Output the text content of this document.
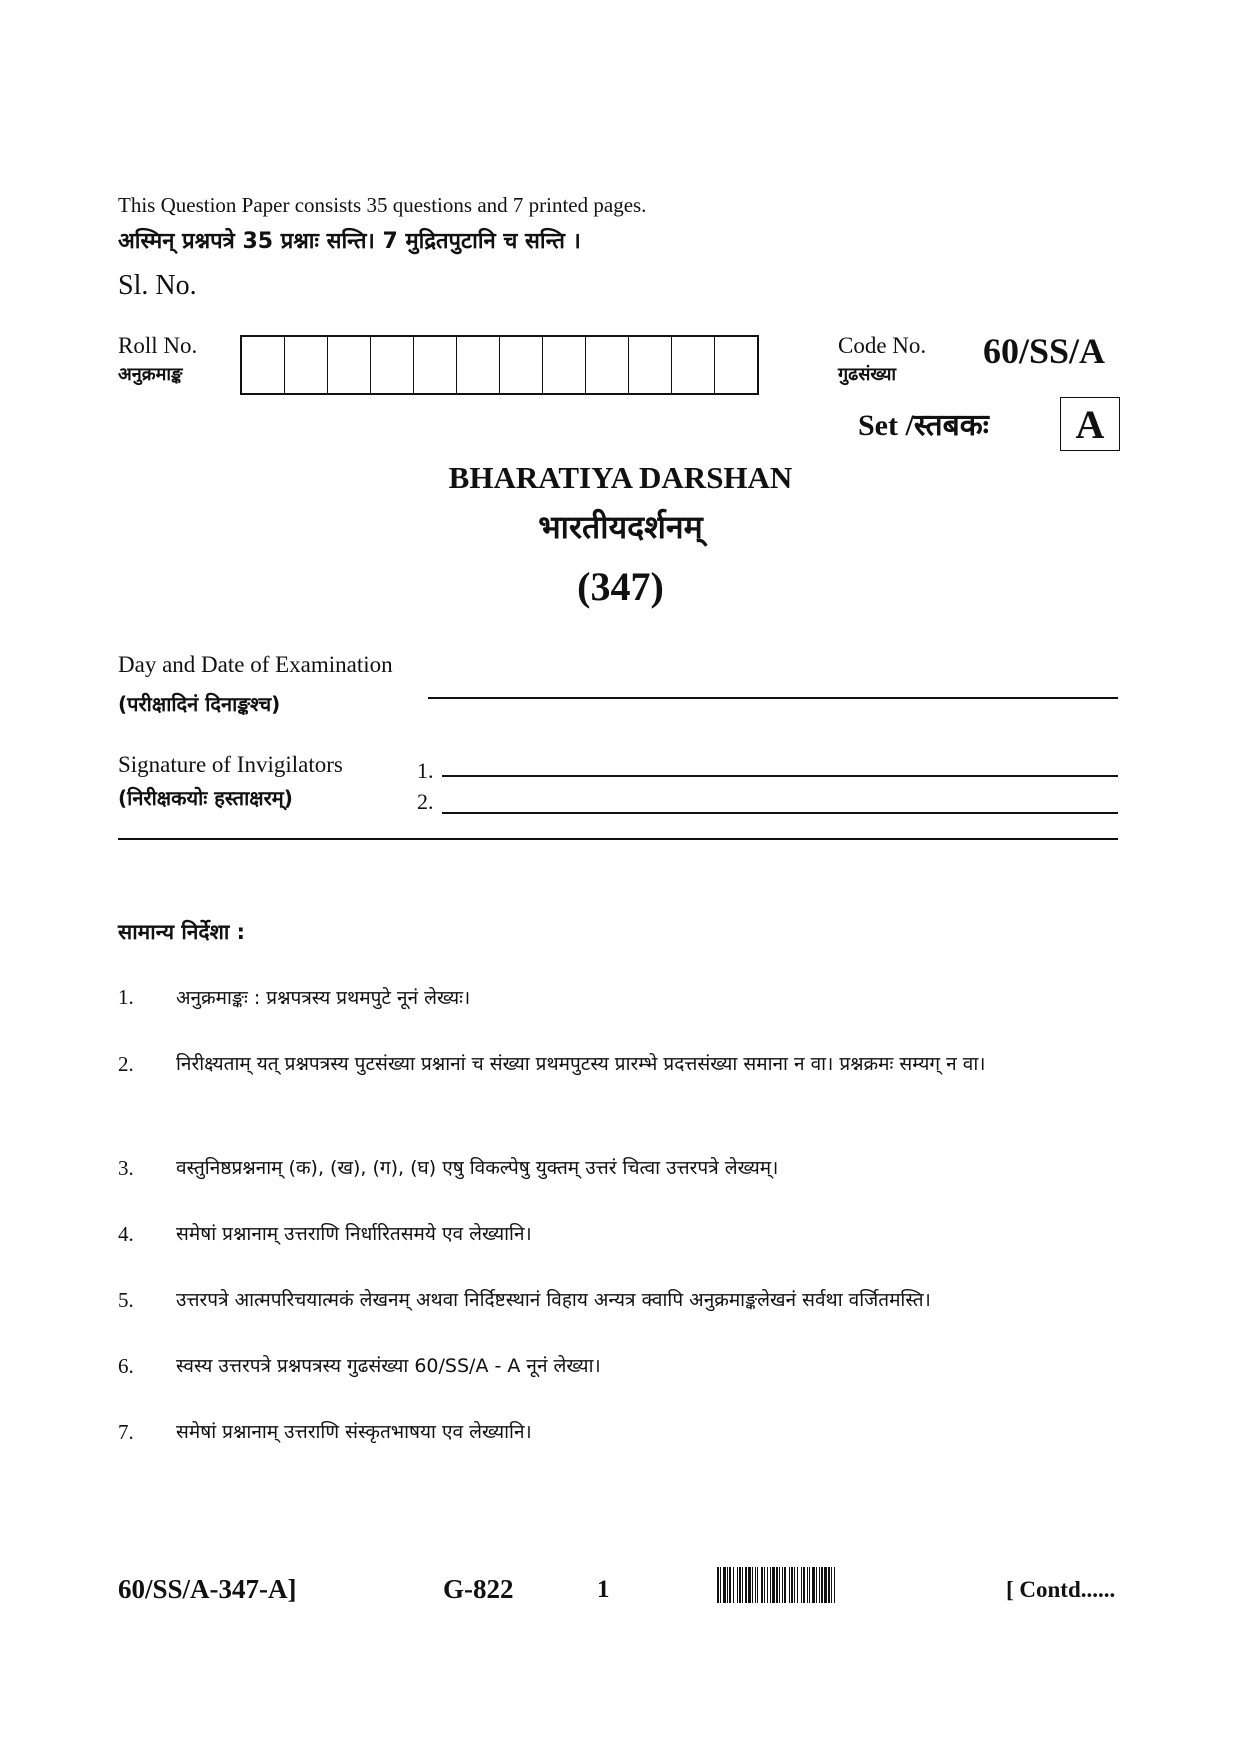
This Question Paper consists 35 questions and 7 printed pages.
अस्मिन् प्रश्नपत्रे 35 प्रश्नाः सन्ति। 7 मुद्रितपुटानि च सन्ति ।
Sl. No.
Roll No.
अनुक्रमाङ्क
Code No.
गुढसंख्या
60/SS/A
Set /स्तबकः	A
BHARATIYA DARSHAN
भारतीयदर्शनम्
(347)
Day and Date of Examination
(परीक्षादिनं दिनाङ्कश्च)
Signature of Invigilators
(निरीक्षकयोः हस्ताक्षरम्)
1.
2.
सामान्य निर्देशा :
1. अनुक्रमाङ्कः : प्रश्नपत्रस्य प्रथमपुटे नूनं लेख्यः।
2. निरीक्ष्यताम् यत् प्रश्नपत्रस्य पुटसंख्या प्रश्नानां च संख्या प्रथमपुटस्य प्रारम्भे प्रदत्तसंख्या समाना न वा। प्रश्नक्रमः सम्यग् न वा।
3. वस्तुनिष्ठप्रश्ननाम् (क), (ख), (ग), (घ) एषु विकल्पेषु युक्तम् उत्तरं चित्वा उत्तरपत्रे लेख्यम्।
4. समेषां प्रश्नानाम् उत्तराणि निर्धारितसमये एव लेख्यानि।
5. उत्तरपत्रे आत्मपरिचयात्मकं लेखनम् अथवा निर्दिष्टस्थानं विहाय अन्यत्र क्वापि अनुक्रमाङ्कलेखनं सर्वथा वर्जितमस्ति।
6. स्वस्य उत्तरपत्रे प्रश्नपत्रस्य गुढसंख्या 60/SS/A - A नूनं लेख्या।
7. समेषां प्रश्नानाम् उत्तराणि संस्कृतभाषया एव लेख्यानि।
60/SS/A-347-A]	G-822	1	[ Contd......
